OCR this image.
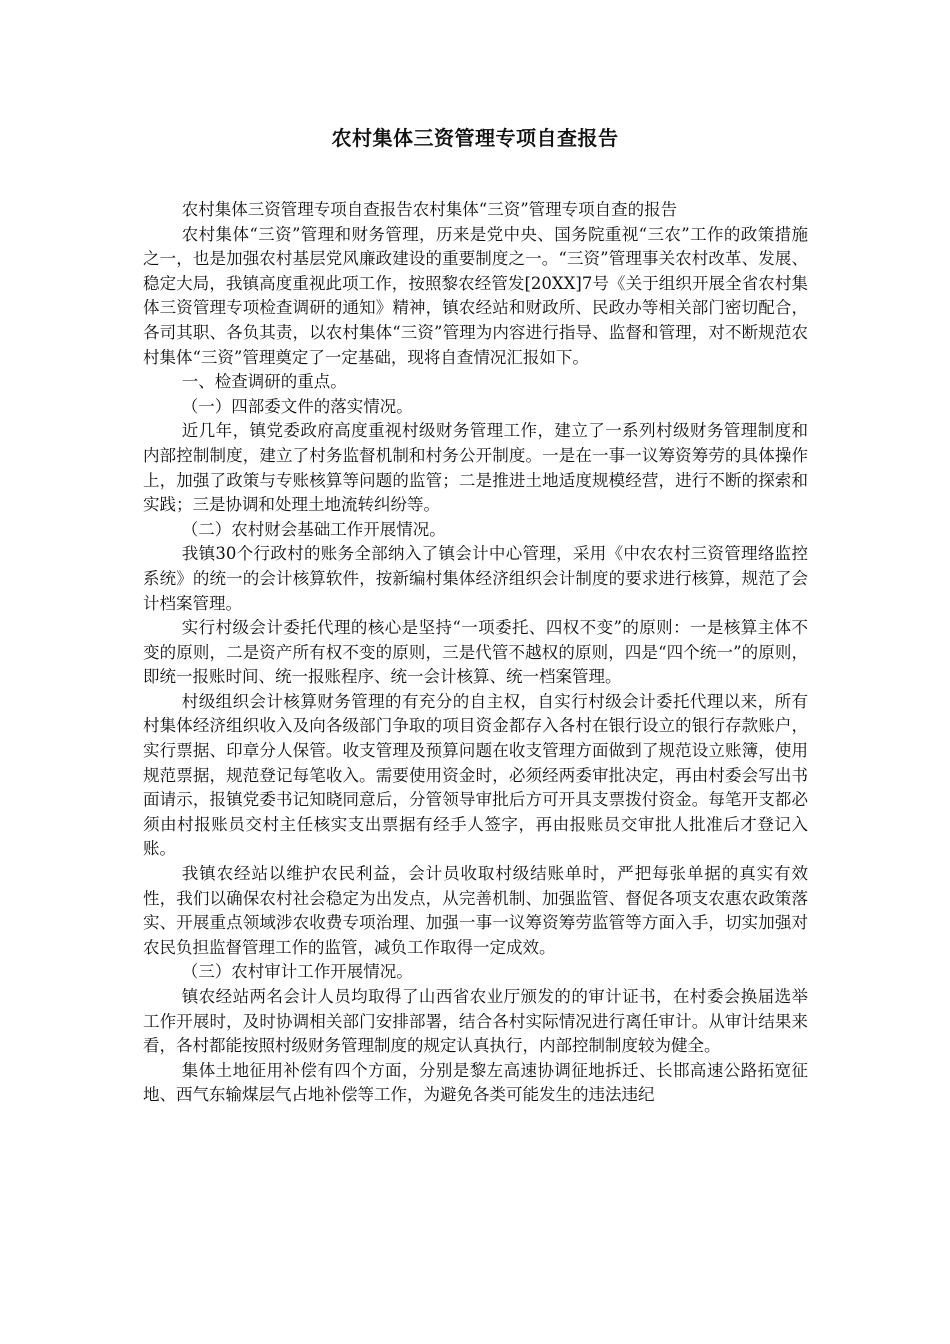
农村集体三资管理专项自查报告

农村集体三资管理专项自查报告农村集体“三资”管理专项自查的报告

农村集体“三资”管理和财务管理，历来是党中央、国务院重视“三农”工作的政策措施之一，也是加强农村基层党风廉政建设的重要制度之一。“三资”管理事关农村改革、发展、稳定大局，我镇高度重视此项工作，按照黎农经管发[20XX]7号《关于组织开展全省农村集体三资管理专项检查调研的通知》精神，镇农经站和财政所、民政办等相关部门密切配合，各司其职、各负其责，以农村集体“三资”管理为内容进行指导、监督和管理，对不断规范农村集体“三资”管理奠定了一定基础，现将自查情况汇报如下。

一、检查调研的重点。

（一）四部委文件的落实情况。

近几年，镇党委政府高度重视村级财务管理工作，建立了一系列村级财务管理制度和内部控制制度，建立了村务监督机制和村务公开制度。一是在一事一议筹资筹劳的具体操作上，加强了政策与专账核算等问题的监管；二是推进土地适度规模经营，进行不断的探索和实践；三是协调和处理土地流转纠纷等。

（二）农村财会基础工作开展情况。

我镇30个行政村的账务全部纳入了镇会计中心管理，采用《中农农村三资管理络监控系统》的统一的会计核算软件，按新编村集体经济组织会计制度的要求进行核算，规范了会计档案管理。

实行村级会计委托代理的核心是坚持“一项委托、四权不变”的原则：一是核算主体不变的原则，二是资产所有权不变的原则，三是代管不越权的原则，四是“四个统一”的原则，即统一报账时间、统一报账程序、统一会计核算、统一档案管理。

村级组织会计核算财务管理的有充分的自主权，自实行村级会计委托代理以来，所有村集体经济组织收入及向各级部门争取的项目资金都存入各村在银行设立的银行存款账户，实行票据、印章分人保管。收支管理及预算问题在收支管理方面做到了规范设立账簿，使用规范票据，规范登记每笔收入。需要使用资金时，必须经两委审批决定，再由村委会写出书面请示，报镇党委书记知晓同意后，分管领导审批后方可开具支票拨付资金。每笔开支都必须由村报账员交村主任核实支出票据有经手人签字，再由报账员交审批人批准后才登记入账。

我镇农经站以维护农民利益，会计员收取村级结账单时，严把每张单据的真实有效性，我们以确保农村社会稳定为出发点，从完善机制、加强监管、督促各项支农惠农政策落实、开展重点领域涉农收费专项治理、加强一事一议筹资筹劳监管等方面入手，切实加强对农民负担监督管理工作的监管，减负工作取得一定成效。

（三）农村审计工作开展情况。

镇农经站两名会计人员均取得了山西省农业厅颁发的的审计证书，在村委会换届选举工作开展时，及时协调相关部门安排部署，结合各村实际情况进行离任审计。从审计结果来看，各村都能按照村级财务管理制度的规定认真执行，内部控制制度较为健全。

集体土地征用补偿有四个方面，分别是黎左高速协调征地拆迁、长邯高速公路拓宽征地、西气东输煤层气占地补偿等工作，为避免各类可能发生的违法违纪
